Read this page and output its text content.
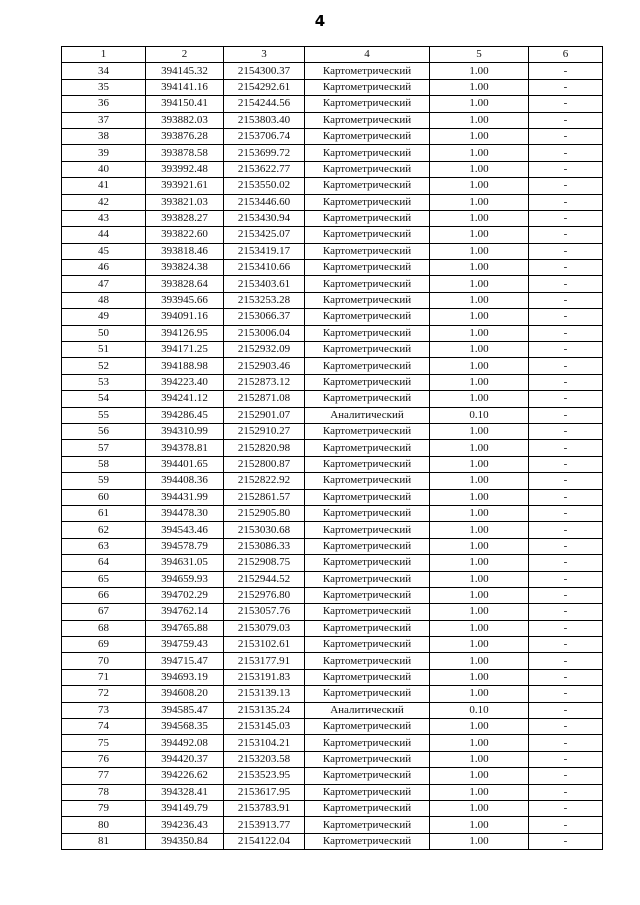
4
1	2	3	4	5	6
34	394145.32	2154300.37	Картометрический	1.00	-
35	394141.16	2154292.61	Картометрический	1.00	-
36	394150.41	2154244.56	Картометрический	1.00	-
37	393882.03	2153803.40	Картометрический	1.00	-
38	393876.28	2153706.74	Картометрический	1.00	-
39	393878.58	2153699.72	Картометрический	1.00	-
40	393992.48	2153622.77	Картометрический	1.00	-
41	393921.61	2153550.02	Картометрический	1.00	-
42	393821.03	2153446.60	Картометрический	1.00	-
43	393828.27	2153430.94	Картометрический	1.00	-
44	393822.60	2153425.07	Картометрический	1.00	-
45	393818.46	2153419.17	Картометрический	1.00	-
46	393824.38	2153410.66	Картометрический	1.00	-
47	393828.64	2153403.61	Картометрический	1.00	-
48	393945.66	2153253.28	Картометрический	1.00	-
49	394091.16	2153066.37	Картометрический	1.00	-
50	394126.95	2153006.04	Картометрический	1.00	-
51	394171.25	2152932.09	Картометрический	1.00	-
52	394188.98	2152903.46	Картометрический	1.00	-
53	394223.40	2152873.12	Картометрический	1.00	-
54	394241.12	2152871.08	Картометрический	1.00	-
55	394286.45	2152901.07	Аналитический	0.10	-
56	394310.99	2152910.27	Картометрический	1.00	-
57	394378.81	2152820.98	Картометрический	1.00	-
58	394401.65	2152800.87	Картометрический	1.00	-
59	394408.36	2152822.92	Картометрический	1.00	-
60	394431.99	2152861.57	Картометрический	1.00	-
61	394478.30	2152905.80	Картометрический	1.00	-
62	394543.46	2153030.68	Картометрический	1.00	-
63	394578.79	2153086.33	Картометрический	1.00	-
64	394631.05	2152908.75	Картометрический	1.00	-
65	394659.93	2152944.52	Картометрический	1.00	-
66	394702.29	2152976.80	Картометрический	1.00	-
67	394762.14	2153057.76	Картометрический	1.00	-
68	394765.88	2153079.03	Картометрический	1.00	-
69	394759.43	2153102.61	Картометрический	1.00	-
70	394715.47	2153177.91	Картометрический	1.00	-
71	394693.19	2153191.83	Картометрический	1.00	-
72	394608.20	2153139.13	Картометрический	1.00	-
73	394585.47	2153135.24	Аналитический	0.10	-
74	394568.35	2153145.03	Картометрический	1.00	-
75	394492.08	2153104.21	Картометрический	1.00	-
76	394420.37	2153203.58	Картометрический	1.00	-
77	394226.62	2153523.95	Картометрический	1.00	-
78	394328.41	2153617.95	Картометрический	1.00	-
79	394149.79	2153783.91	Картометрический	1.00	-
80	394236.43	2153913.77	Картометрический	1.00	-
81	394350.84	2154122.04	Картометрический	1.00	-
